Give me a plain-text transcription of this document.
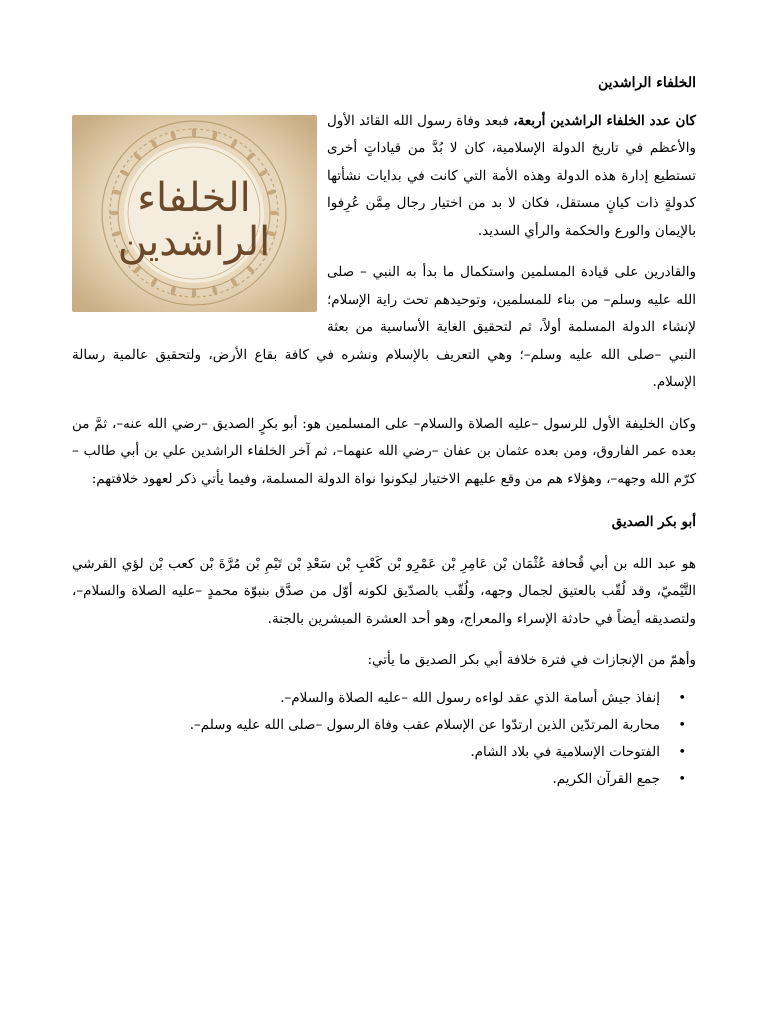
الخلفاء الراشدين
الخلفاء
الراشدين

كان عدد الخلفاء الراشدين أربعة، فبعد وفاة رسول الله القائد الأول والأعظم في تاريخ الدولة الإسلامية، كان لا بُدَّ من قياداتٍ أخرى تستطيع إدارة هذه الدولة وهذه الأمة التي كانت في بدايات نشأتها كدولةٍ ذات كيانٍ مستقل، فكان لا بد من اختيار رجال مِمَّن عُرِفوا بالإيمان والورع والحكمة والرأي السديد.

والقادرين على قيادة المسلمين واستكمال ما بدأ به النبي – صلى الله عليه وسلم– من بناء للمسلمين، وتوحيدهم تحت راية الإسلام؛ لإنشاء الدولة المسلمة أولاً، ثم لتحقيق الغاية الأساسية من بعثة النبي –صلى الله عليه وسلم–؛ وهي التعريف بالإسلام ونشره في كافة بقاع الأرض، ولتحقيق عالمية رسالة الإسلام.

وكان الخليفة الأول للرسول –عليه الصلاة والسلام– على المسلمين هو: أبو بكرٍ الصديق –رضي الله عنه–، ثمَّ من بعده عمر الفاروق، ومن بعده عثمان بن عفان –رضي الله عنهما–، ثم آخر الخلفاء الراشدين علي بن أبي طالب –كرّم الله وجهه–، وهؤلاء هم من وقع عليهم الاختيار ليكونوا نواة الدولة المسلمة، وفيما يأتي ذكر لعهود خلافتهم:

أبو بكر الصديق

هو عبد الله بن أبي قُحافة عُثْمَان بْن عَامِرِ بْن عَمْرِو بْن كَعْبِ بْن سَعْدِ بْن تَيْمِ بْن مُرَّةَ بْن كعب بْن لؤي القرشي التَّيْميّ، وقد لُقّب بالعتيق لجمال وجهه، ولُقّب بالصدّيق لكونه أوّل من صدَّق بنبوّة محمدٍ –عليه الصلاة والسلام–، ولتصديقه أيضاً في حادثة الإسراء والمعراج، وهو أحد العشرة المبشرين بالجنة.

وأهمّ من الإنجازات في فترة خلافة أبي بكر الصديق ما يأتي:

• إنفاذ جيش أسامة الذي عقد لواءه رسول الله –عليه الصلاة والسلام–.
• محاربة المرتدّين الذين ارتدّوا عن الإسلام عقب وفاة الرسول –صلى الله عليه وسلم–.
• الفتوحات الإسلامية في بلاد الشام.
• جمع القرآن الكريم.
